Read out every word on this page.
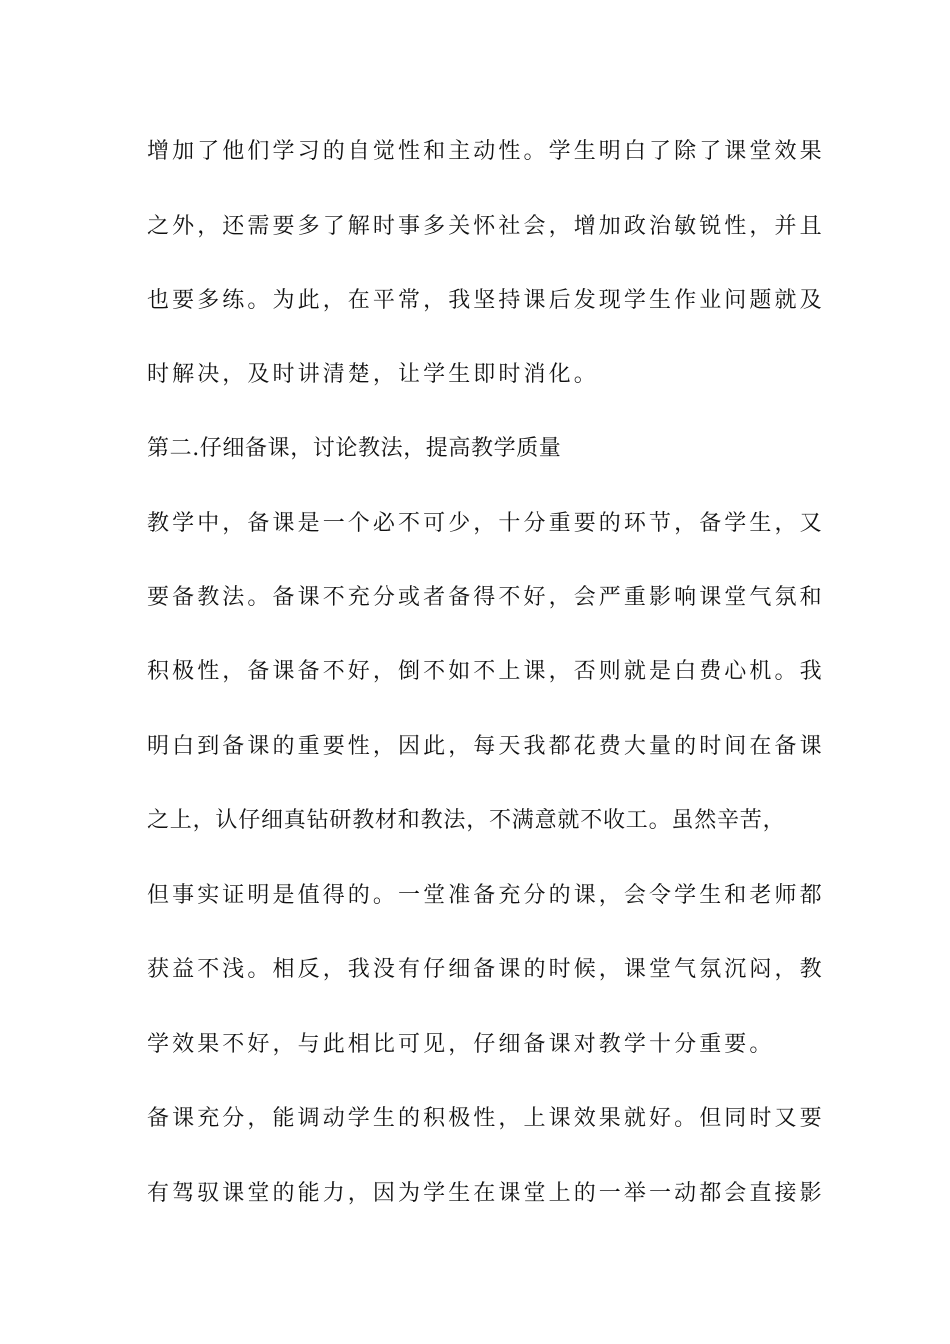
增加了他们学习的自觉性和主动性。学生明白了除了课堂效果
之外，还需要多了解时事多关怀社会，增加政治敏锐性，并且
也要多练。为此，在平常，我坚持课后发现学生作业问题就及
时解决，及时讲清楚，让学生即时消化。
第二.仔细备课，讨论教法，提高教学质量
教学中，备课是一个必不可少，十分重要的环节，备学生，又
要备教法。备课不充分或者备得不好，会严重影响课堂气氛和
积极性，备课备不好，倒不如不上课，否则就是白费心机。我
明白到备课的重要性，因此，每天我都花费大量的时间在备课
之上，认仔细真钻研教材和教法，不满意就不收工。虽然辛苦，
但事实证明是值得的。一堂准备充分的课，会令学生和老师都
获益不浅。相反，我没有仔细备课的时候，课堂气氛沉闷，教
学效果不好，与此相比可见，仔细备课对教学十分重要。
备课充分，能调动学生的积极性，上课效果就好。但同时又要
有驾驭课堂的能力，因为学生在课堂上的一举一动都会直接影
